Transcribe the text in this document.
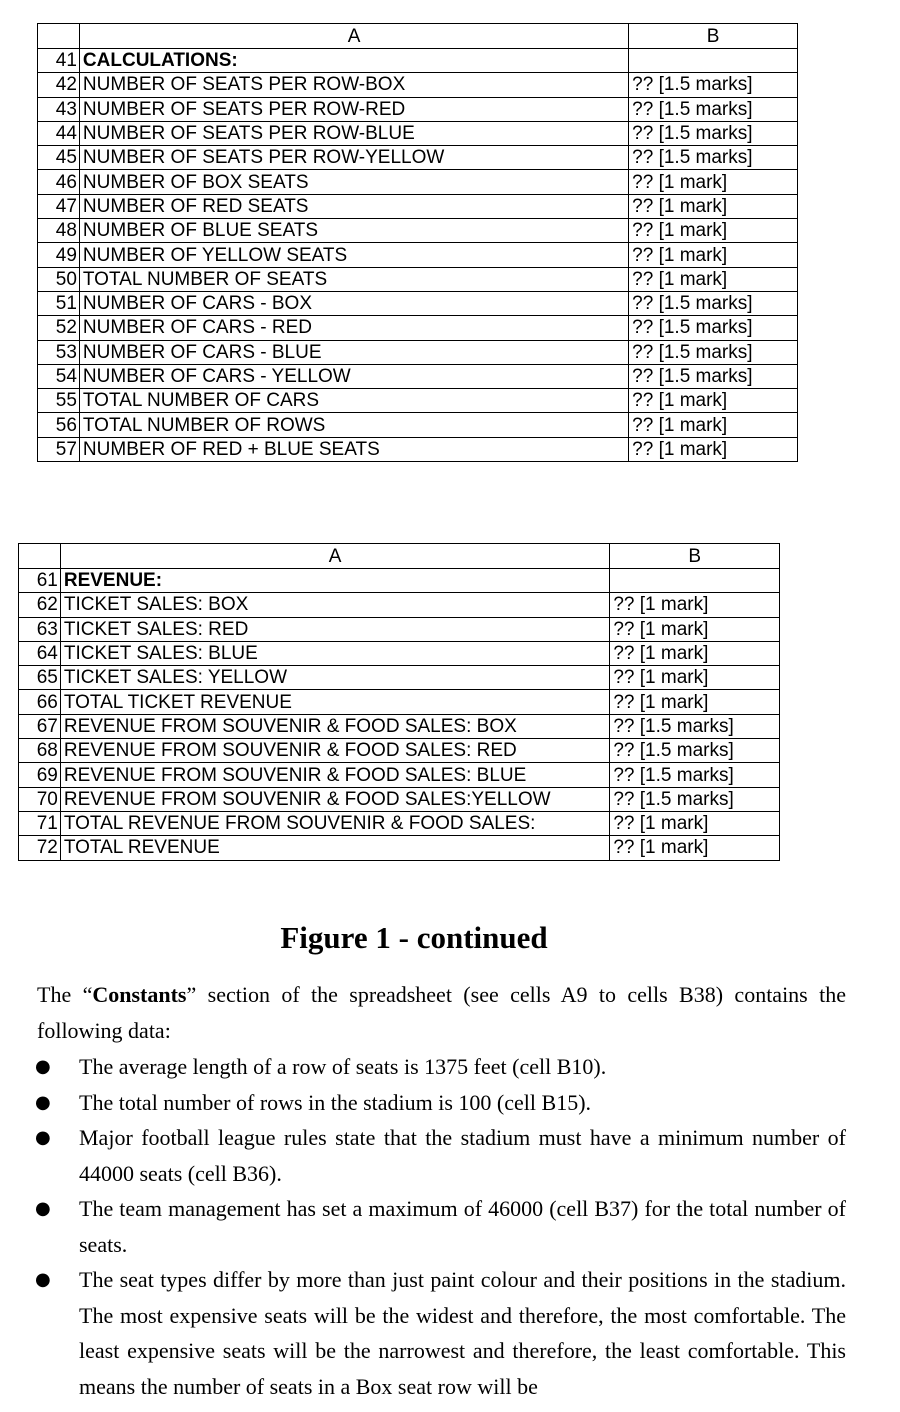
	A	B
41	CALCULATIONS:	
42	NUMBER OF SEATS PER ROW-BOX	?? [1.5 marks]
43	NUMBER OF SEATS PER ROW-RED	?? [1.5 marks]
44	NUMBER OF SEATS PER ROW-BLUE	?? [1.5 marks]
45	NUMBER OF SEATS PER ROW-YELLOW	?? [1.5 marks]
46	NUMBER OF BOX SEATS	?? [1 mark]
47	NUMBER OF RED SEATS	?? [1 mark]
48	NUMBER OF BLUE SEATS	?? [1 mark]
49	NUMBER OF YELLOW SEATS	?? [1 mark]
50	TOTAL NUMBER OF SEATS	?? [1 mark]
51	NUMBER OF CARS - BOX	?? [1.5 marks]
52	NUMBER OF CARS - RED	?? [1.5 marks]
53	NUMBER OF CARS - BLUE	?? [1.5 marks]
54	NUMBER OF CARS - YELLOW	?? [1.5 marks]
55	TOTAL NUMBER OF CARS	?? [1 mark]
56	TOTAL NUMBER OF ROWS	?? [1 mark]
57	NUMBER OF RED + BLUE SEATS	?? [1 mark]
	A	B
61	REVENUE:	
62	TICKET SALES: BOX	?? [1 mark]
63	TICKET SALES: RED	?? [1 mark]
64	TICKET SALES: BLUE	?? [1 mark]
65	TICKET SALES: YELLOW	?? [1 mark]
66	TOTAL TICKET REVENUE	?? [1 mark]
67	REVENUE FROM SOUVENIR & FOOD SALES: BOX	?? [1.5 marks]
68	REVENUE FROM SOUVENIR & FOOD SALES: RED	?? [1.5 marks]
69	REVENUE FROM SOUVENIR & FOOD SALES: BLUE	?? [1.5 marks]
70	REVENUE FROM SOUVENIR & FOOD SALES:YELLOW	?? [1.5 marks]
71	TOTAL REVENUE FROM SOUVENIR & FOOD SALES:	?? [1 mark]
72	TOTAL REVENUE	?? [1 mark]
Figure 1 - continued

The “Constants” section of the spreadsheet (see cells A9 to cells B38) contains the following data:

● The average length of a row of seats is 1375 feet (cell B10).
● The total number of rows in the stadium is 100 (cell B15).
● Major football league rules state that the stadium must have a minimum number of 44000 seats (cell B36).
● The team management has set a maximum of 46000 (cell B37) for the total number of seats.
● The seat types differ by more than just paint colour and their positions in the stadium. The most expensive seats will be the widest and therefore, the most comfortable. The least expensive seats will be the narrowest and therefore, the least comfortable. This means the number of seats in a Box seat row will be
